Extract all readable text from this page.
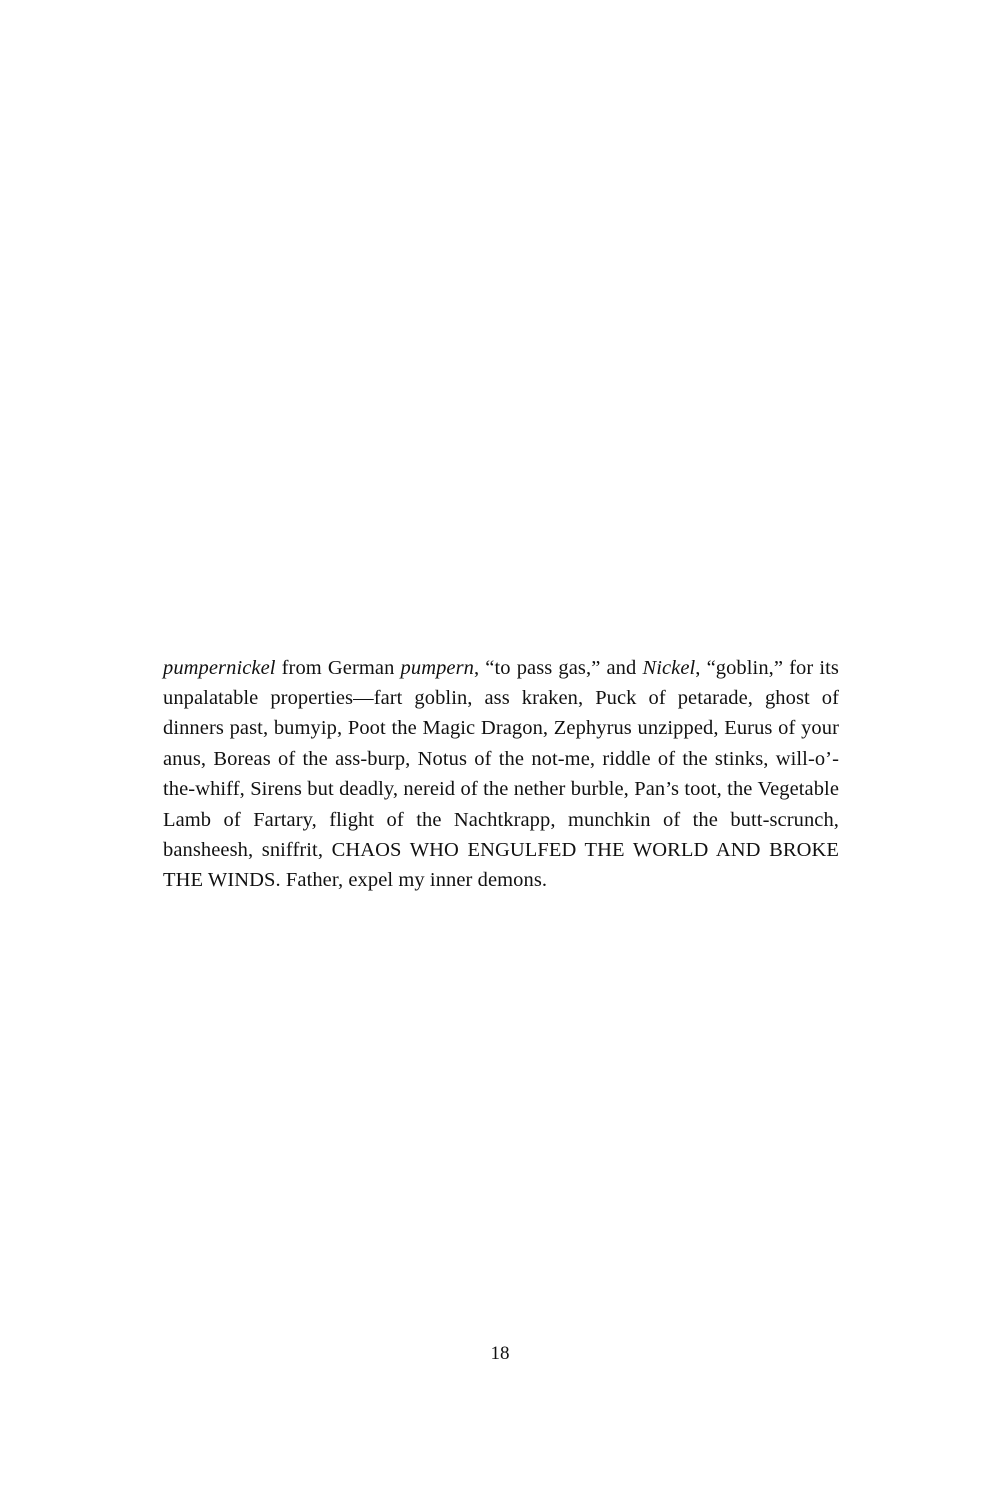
pumpernickel from German pumpern, “to pass gas,” and Nickel, “goblin,” for its unpalatable properties—fart goblin, ass kraken, Puck of petarade, ghost of dinners past, bumyip, Poot the Magic Dragon, Zephyrus unzipped, Eurus of your anus, Boreas of the ass-burp, Notus of the not-me, riddle of the stinks, will-o’-the-whiff, Sirens but deadly, nereid of the nether burble, Pan’s toot, the Vegetable Lamb of Fartary, flight of the Nachtkrapp, munchkin of the butt-scrunch, bansheesh, sniffrit, CHAOS WHO ENGULFED THE WORLD AND BROKE THE WINDS. Father, expel my inner demons.

18
